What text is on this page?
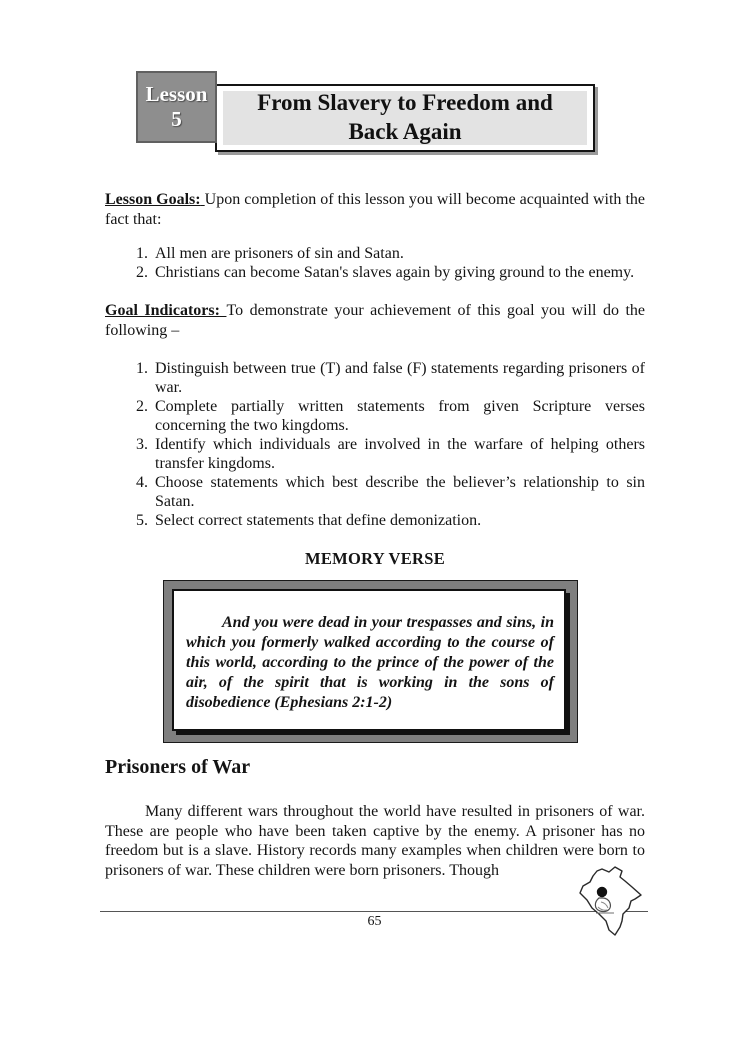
Lesson
5
From Slavery to Freedom and
Back Again

Lesson Goals: Upon completion of this lesson you will become acquainted with the fact that:

1. All men are prisoners of sin and Satan.
2. Christians can become Satan's slaves again by giving ground to the enemy.

Goal Indicators: To demonstrate your achievement of this goal you will do the following –

1. Distinguish between true (T) and false (F) statements regarding prisoners of war.
2. Complete partially written statements from given Scripture verses concerning the two kingdoms.
3. Identify which individuals are involved in the warfare of helping others transfer kingdoms.
4. Choose statements which best describe the believer’s relationship to sin Satan.
5. Select correct statements that define demonization.
MEMORY VERSE

And you were dead in your trespasses and sins, in which you formerly walked according to the course of this world, according to the prince of the power of the air, of the spirit that is working in the sons of disobedience (Ephesians 2:1-2)

Prisoners of War

Many different wars throughout the world have resulted in prisoners of war. These are people who have been taken captive by the enemy. A prisoner has no freedom but is a slave. History records many examples when children were born to prisoners of war. These children were born prisoners. Though

65
